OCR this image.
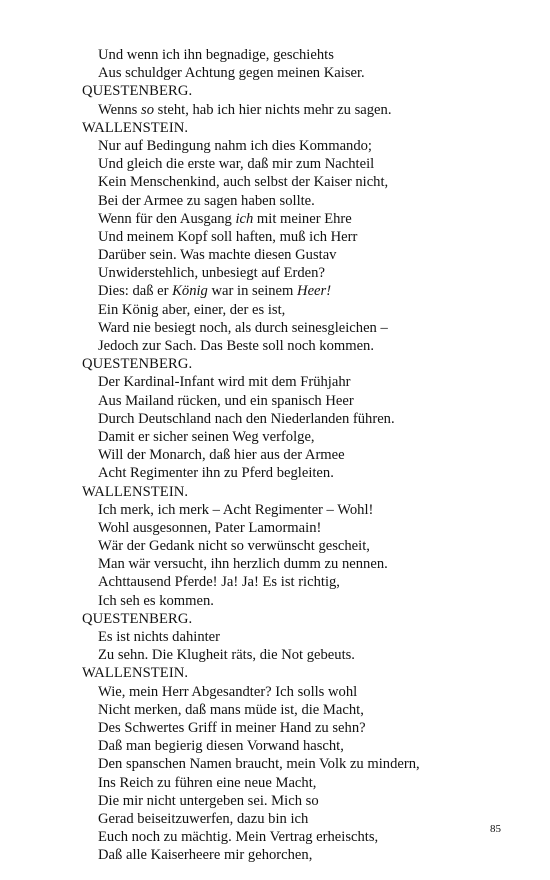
Und wenn ich ihn begnadige, geschiehts
Aus schuldger Achtung gegen meinen Kaiser.
QUESTENBERG.
Wenns so steht, hab ich hier nichts mehr zu sagen.
WALLENSTEIN.
Nur auf Bedingung nahm ich dies Kommando;
Und gleich die erste war, daß mir zum Nachteil
Kein Menschenkind, auch selbst der Kaiser nicht,
Bei der Armee zu sagen haben sollte.
Wenn für den Ausgang ich mit meiner Ehre
Und meinem Kopf soll haften, muß ich Herr
Darüber sein. Was machte diesen Gustav
Unwiderstehlich, unbesiegt auf Erden?
Dies: daß er König war in seinem Heer!
Ein König aber, einer, der es ist,
Ward nie besiegt noch, als durch seinesgleichen –
Jedoch zur Sach. Das Beste soll noch kommen.
QUESTENBERG.
Der Kardinal-Infant wird mit dem Frühjahr
Aus Mailand rücken, und ein spanisch Heer
Durch Deutschland nach den Niederlanden führen.
Damit er sicher seinen Weg verfolge,
Will der Monarch, daß hier aus der Armee
Acht Regimenter ihn zu Pferd begleiten.
WALLENSTEIN.
Ich merk, ich merk – Acht Regimenter – Wohl!
Wohl ausgesonnen, Pater Lamormain!
Wär der Gedank nicht so verwünscht gescheit,
Man wär versucht, ihn herzlich dumm zu nennen.
Achttausend Pferde! Ja! Ja! Es ist richtig,
Ich seh es kommen.
QUESTENBERG.
Es ist nichts dahinter
Zu sehn. Die Klugheit räts, die Not gebeuts.
WALLENSTEIN.
Wie, mein Herr Abgesandter? Ich solls wohl
Nicht merken, daß mans müde ist, die Macht,
Des Schwertes Griff in meiner Hand zu sehn?
Daß man begierig diesen Vorwand hascht,
Den spanschen Namen braucht, mein Volk zu mindern,
Ins Reich zu führen eine neue Macht,
Die mir nicht untergeben sei. Mich so
Gerad beiseitzuwerfen, dazu bin ich
Euch noch zu mächtig. Mein Vertrag erheischts,
Daß alle Kaiserheere mir gehorchen,
85
